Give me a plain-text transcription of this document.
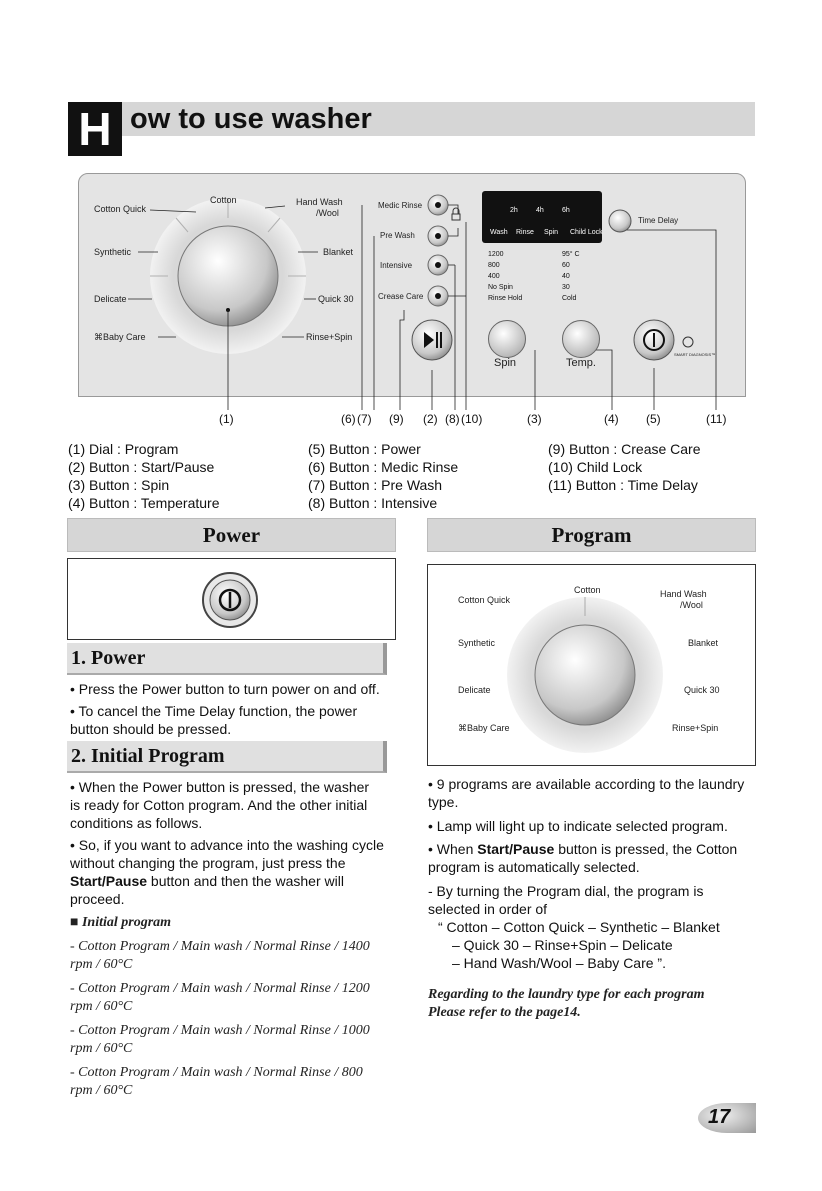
H ow to use washer
Cotton Quick
Cotton	Hand Wash
/Wool
Synthetic	Blanket
Delicate	Quick 30
⌘Baby Care	Rinse+Spin
Medic Rinse
Pre Wash
Intensive
Crease Care
2h	4h	6h
Wash Rinse Spin Child Lock
1200
800
400
No Spin
Rinse Hold
95° C
60
40
30
Cold
Spin	Temp.
Time Delay
SMART DIAGNOSIS™
(1)	(6) (7) (9) (2) (8) (10)	(3)	(4) (5)	(11)
(1) Dial : Program
(2) Button : Start/Pause
(3) Button : Spin
(4) Button : Temperature
(5) Button : Power
(6) Button : Medic Rinse
(7) Button : Pre Wash
(8) Button : Intensive
(9) Button : Crease Care
(10) Child Lock
(11) Button : Time Delay
Power	Program
Cotton Quick
Cotton	Hand Wash
/Wool
Synthetic	Blanket
Delicate	Quick 30
⌘Baby Care	Rinse+Spin
1. Power
• Press the Power button to turn power on and off.
• To cancel the Time Delay function, the power button should be pressed.
2. Initial Program
• When the Power button is pressed, the washer is ready for Cotton program. And the other initial conditions as follows.
• So, if you want to advance into the washing cycle without changing the program, just press the Start/Pause button and then the washer will proceed.
■ Initial program
- Cotton Program / Main wash / Normal Rinse / 1400 rpm / 60°C
- Cotton Program / Main wash / Normal Rinse / 1200 rpm / 60°C
- Cotton Program / Main wash / Normal Rinse / 1000 rpm / 60°C
- Cotton Program / Main wash / Normal Rinse / 800 rpm / 60°C
• 9 programs are available according to the laundry type.
• Lamp will light up to indicate selected program.
• When Start/Pause button is pressed, the Cotton program is automatically selected.
- By turning the Program dial, the program is selected in order of
“ Cotton – Cotton Quick – Synthetic – Blanket
– Quick 30 – Rinse+Spin – Delicate
– Hand Wash/Wool – Baby Care ”.
Regarding to the laundry type for each program
Please refer to the page14.
17
